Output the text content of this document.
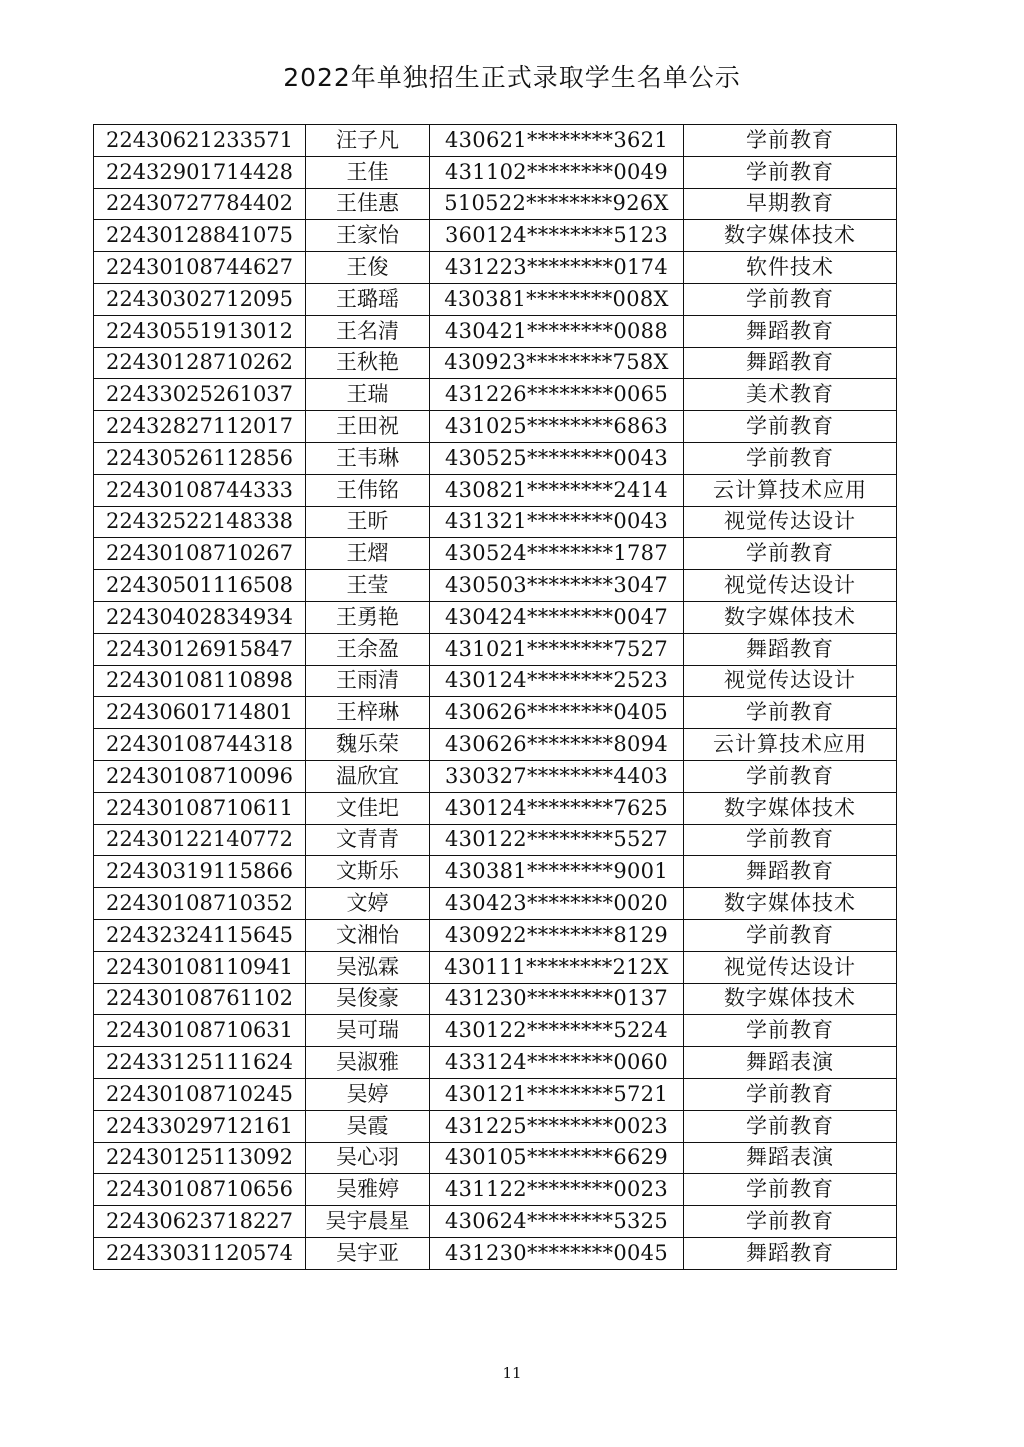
2022年单独招生正式录取学生名单公示
22430621233571	汪子凡	430621********3621	学前教育
22432901714428	王佳	431102********0049	学前教育
22430727784402	王佳惠	510522********926X	早期教育
22430128841075	王家怡	360124********5123	数字媒体技术
22430108744627	王俊	431223********0174	软件技术
22430302712095	王璐瑶	430381********008X	学前教育
22430551913012	王名清	430421********0088	舞蹈教育
22430128710262	王秋艳	430923********758X	舞蹈教育
22433025261037	王瑞	431226********0065	美术教育
22432827112017	王田祝	431025********6863	学前教育
22430526112856	王韦琳	430525********0043	学前教育
22430108744333	王伟铭	430821********2414	云计算技术应用
22432522148338	王昕	431321********0043	视觉传达设计
22430108710267	王熠	430524********1787	学前教育
22430501116508	王莹	430503********3047	视觉传达设计
22430402834934	王勇艳	430424********0047	数字媒体技术
22430126915847	王余盈	431021********7527	舞蹈教育
22430108110898	王雨清	430124********2523	视觉传达设计
22430601714801	王梓琳	430626********0405	学前教育
22430108744318	魏乐荣	430626********8094	云计算技术应用
22430108710096	温欣宜	330327********4403	学前教育
22430108710611	文佳圯	430124********7625	数字媒体技术
22430122140772	文青青	430122********5527	学前教育
22430319115866	文斯乐	430381********9001	舞蹈教育
22430108710352	文婷	430423********0020	数字媒体技术
22432324115645	文湘怡	430922********8129	学前教育
22430108110941	吴泓霖	430111********212X	视觉传达设计
22430108761102	吴俊豪	431230********0137	数字媒体技术
22430108710631	吴可瑞	430122********5224	学前教育
22433125111624	吴淑雅	433124********0060	舞蹈表演
22430108710245	吴婷	430121********5721	学前教育
22433029712161	吴霞	431225********0023	学前教育
22430125113092	吴心羽	430105********6629	舞蹈表演
22430108710656	吴雅婷	431122********0023	学前教育
22430623718227	吴宇晨星	430624********5325	学前教育
22433031120574	吴宇亚	431230********0045	舞蹈教育
11
